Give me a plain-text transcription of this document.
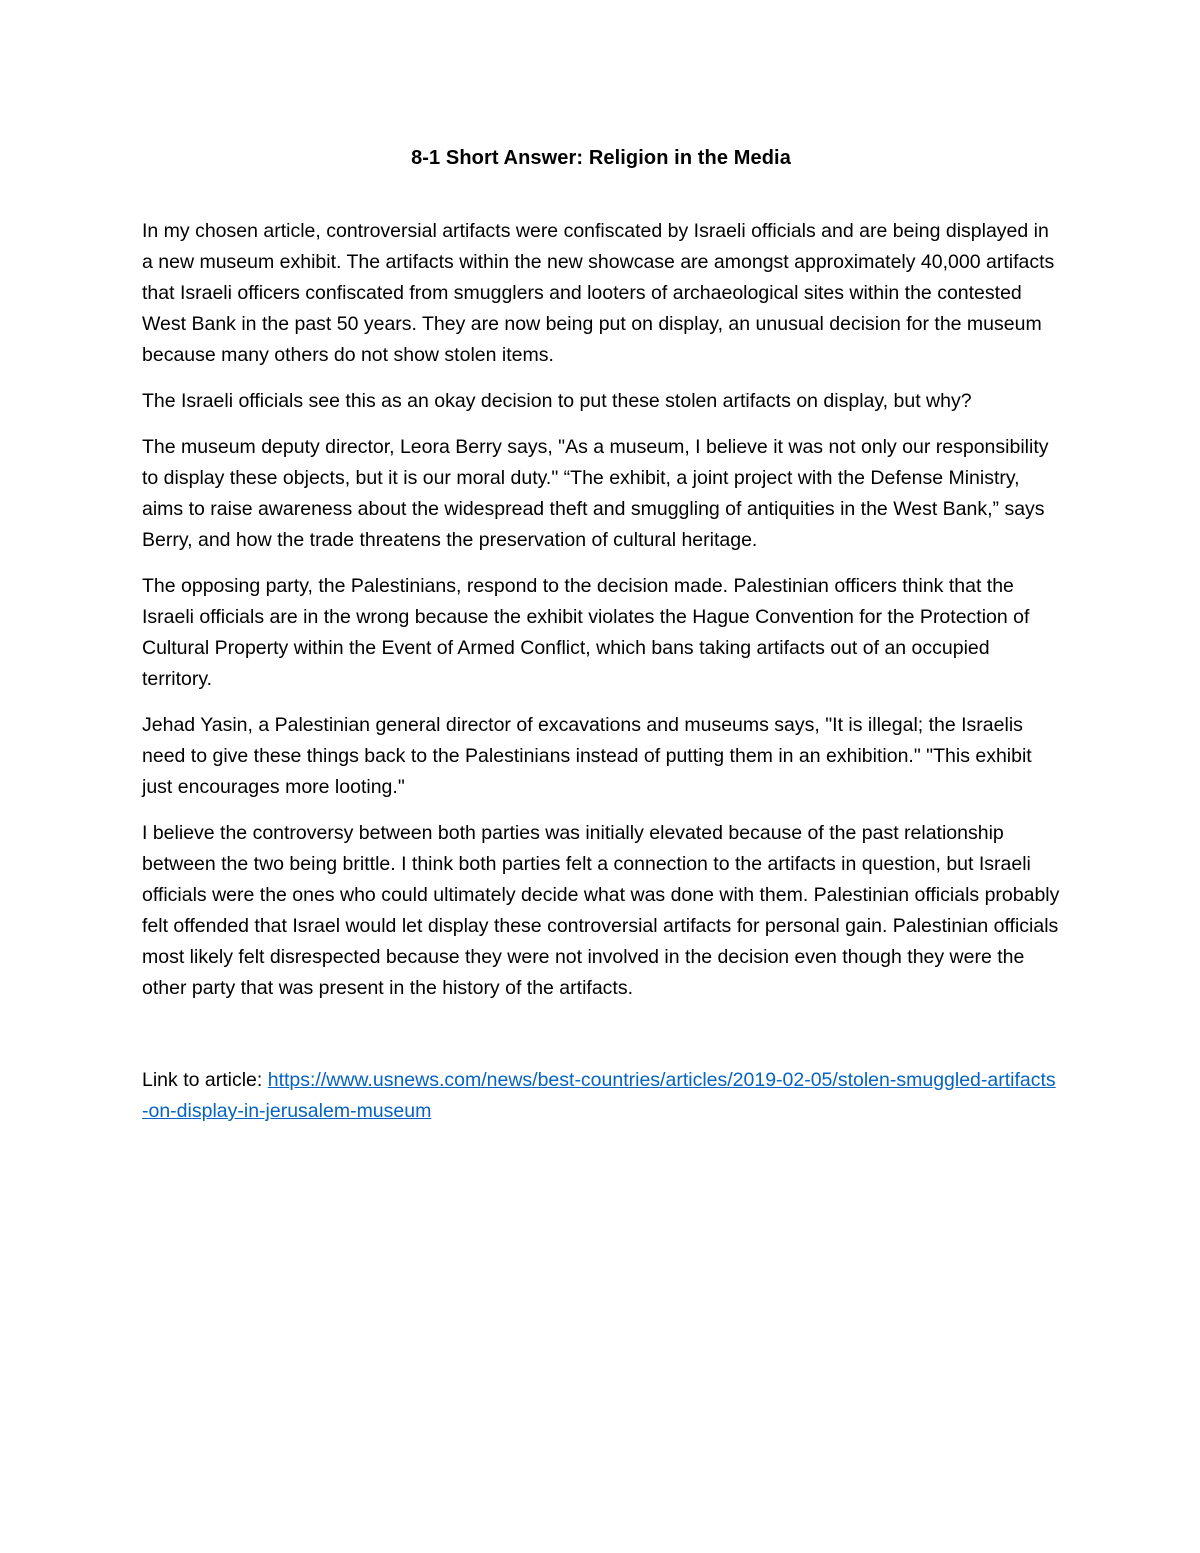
8-1 Short Answer: Religion in the Media

In my chosen article, controversial artifacts were confiscated by Israeli officials and are being displayed in a new museum exhibit. The artifacts within the new showcase are amongst approximately 40,000 artifacts that Israeli officers confiscated from smugglers and looters of archaeological sites within the contested West Bank in the past 50 years. They are now being put on display, an unusual decision for the museum because many others do not show stolen items.

The Israeli officials see this as an okay decision to put these stolen artifacts on display, but why?

The museum deputy director, Leora Berry says, "As a museum, I believe it was not only our responsibility to display these objects, but it is our moral duty." “The exhibit, a joint project with the Defense Ministry, aims to raise awareness about the widespread theft and smuggling of antiquities in the West Bank,” says Berry, and how the trade threatens the preservation of cultural heritage.

The opposing party, the Palestinians, respond to the decision made. Palestinian officers think that the Israeli officials are in the wrong because the exhibit violates the Hague Convention for the Protection of Cultural Property within the Event of Armed Conflict, which bans taking artifacts out of an occupied territory.

Jehad Yasin, a Palestinian general director of excavations and museums says, "It is illegal; the Israelis need to give these things back to the Palestinians instead of putting them in an exhibition." "This exhibit just encourages more looting."

I believe the controversy between both parties was initially elevated because of the past relationship between the two being brittle. I think both parties felt a connection to the artifacts in question, but Israeli officials were the ones who could ultimately decide what was done with them. Palestinian officials probably felt offended that Israel would let display these controversial artifacts for personal gain. Palestinian officials most likely felt disrespected because they were not involved in the decision even though they were the other party that was present in the history of the artifacts.

Link to article: https://www.usnews.com/news/best-countries/articles/2019-02-05/stolen-smuggled-artifacts-on-display-in-jerusalem-museum
